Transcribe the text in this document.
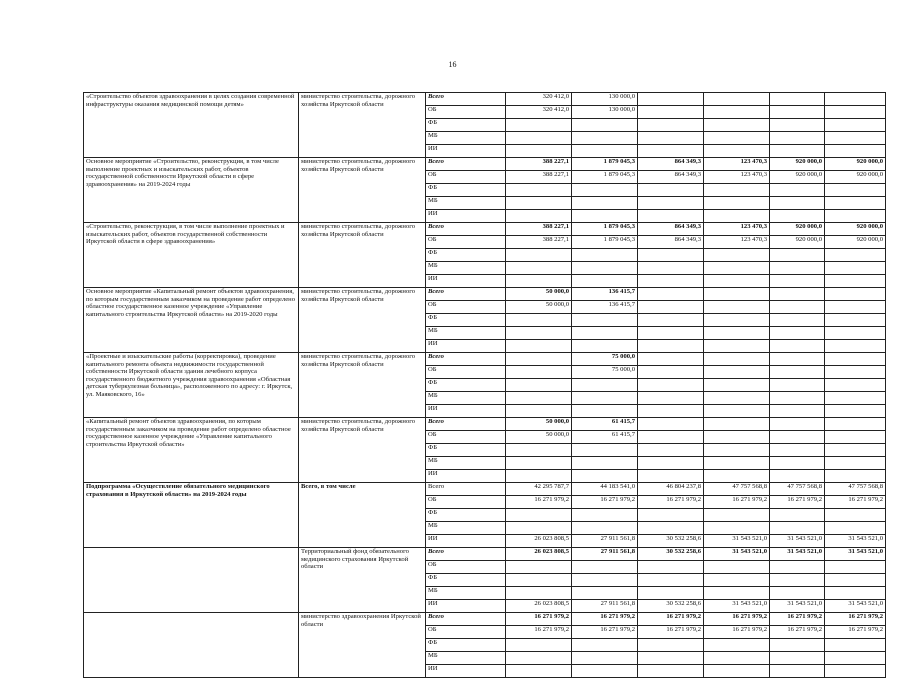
16
«Строительство объектов здравоохранения в целях создания современной инфраструктуры оказания медицинской помощи детям»	министерство строительства, дорожного хозяйства Иркутской области	Всего	320 412,0	130 000,0				
		ОБ	320 412,0	130 000,0				
		ФБ						
		МБ						
		ИИ						
Основное мероприятие «Строительство, реконструкция, в том числе выполнение проектных и изыскательских работ, объектов государственной собственности Иркутской области в сфере здравоохранения» на 2019-2024 годы	министерство строительства, дорожного хозяйства Иркутской области	Всего	388 227,1	1 879 045,3	864 349,3	123 470,3	920 000,0	920 000,0
		ОБ	388 227,1	1 879 045,3	864 349,3	123 470,3	920 000,0	920 000,0
		ФБ						
		МБ						
		ИИ						
«Строительство, реконструкция, в том числе выполнение проектных и изыскательских работ, объектов государственной собственности Иркутской области в сфере здравоохранения»	министерство строительства, дорожного хозяйства Иркутской области	Всего	388 227,1	1 879 045,3	864 349,3	123 470,3	920 000,0	920 000,0
		ОБ	388 227,1	1 879 045,3	864 349,3	123 470,3	920 000,0	920 000,0
		ФБ						
		МБ						
		ИИ						
Основное мероприятие «Капитальный ремонт объектов здравоохранения, по которым государственным заказчиком на проведение работ определено областное государственное казенное учреждение «Управление капитального строительства Иркутской области» на 2019-2020 годы	министерство строительства, дорожного хозяйства Иркутской области	Всего	50 000,0	136 415,7				
		ОБ	50 000,0	136 415,7				
		ФБ						
		МБ						
		ИИ						
«Проектные и изыскательские работы (корректировка), проведение капитального ремонта объекта недвижимости государственной собственности Иркутской области здания лечебного корпуса государственного бюджетного учреждения здравоохранения «Областная детская туберкулезная больница», расположенного по адресу: г. Иркутск, ул. Маяковского, 16»	министерство строительства, дорожного хозяйства Иркутской области	Всего		75 000,0				
		ОБ		75 000,0				
		ФБ						
		МБ						
		ИИ						
«Капитальный ремонт объектов здравоохранения, по которым государственным заказчиком на проведение работ определено областное государственное казенное учреждение «Управление капитального строительства Иркутской области»	министерство строительства, дорожного хозяйства Иркутской области	Всего	50 000,0	61 415,7				
		ОБ	50 000,0	61 415,7				
		ФБ						
		МБ						
		ИИ						
Подпрограмма «Осуществление обязательного медицинского страхования в Иркутской области» на 2019-2024 годы	Всего, в том числе	Всего	42 295 787,7	44 183 541,0	46 804 237,8	47 757 568,8	47 757 568,8	47 757 568,8
		ОБ	16 271 979,2	16 271 979,2	16 271 979,2	16 271 979,2	16 271 979,2	16 271 979,2
		ФБ						
		МБ						
		ИИ	26 023 808,5	27 911 561,8	30 532 258,6	31 543 521,0	31 543 521,0	31 543 521,0
	Территориальный фонд обязательного медицинского страхования Иркутской области	Всего	26 023 808,5	27 911 561,8	30 532 258,6	31 543 521,0	31 543 521,0	31 543 521,0
		ОБ						
		ФБ						
		МБ						
		ИИ	26 023 808,5	27 911 561,8	30 532 258,6	31 543 521,0	31 543 521,0	31 543 521,0
	министерство здравоохранения Иркутской области	Всего	16 271 979,2	16 271 979,2	16 271 979,2	16 271 979,2	16 271 979,2	16 271 979,2
		ОБ	16 271 979,2	16 271 979,2	16 271 979,2	16 271 979,2	16 271 979,2	16 271 979,2
		ФБ						
		МБ						
		ИИ						
